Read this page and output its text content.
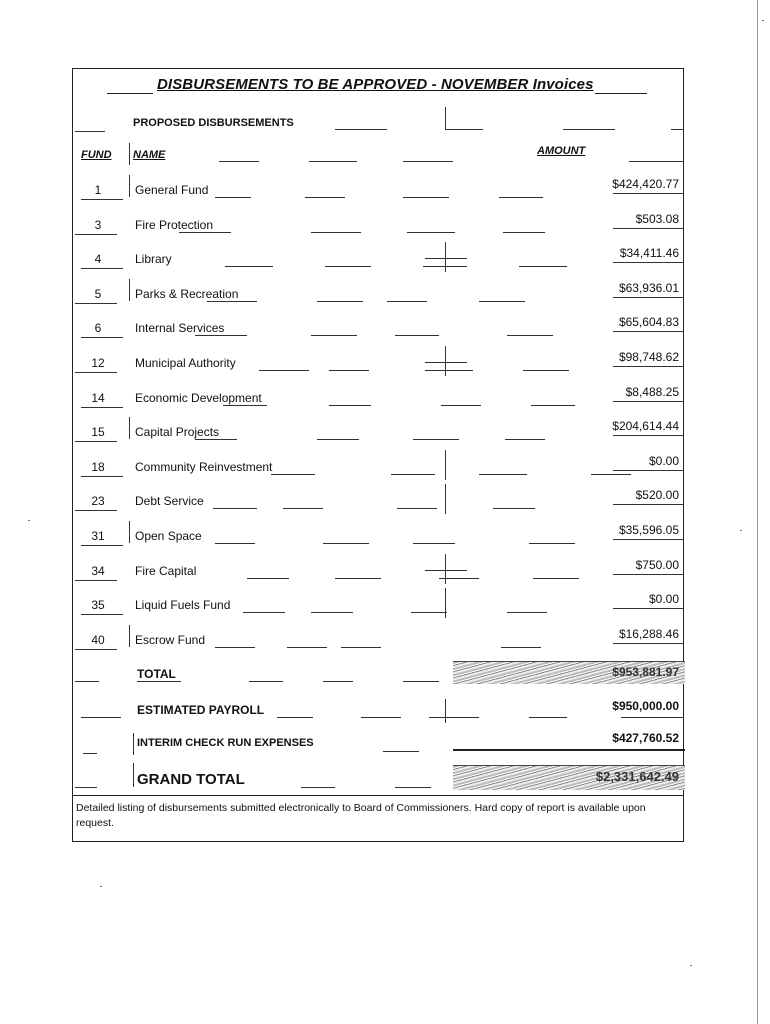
DISBURSEMENTS TO BE APPROVED - NOVEMBER Invoices
PROPOSED DISBURSEMENTS
FUND NAME	AMOUNT
1	General Fund	$424,420.77
3	Fire Protection	$503.08
4	Library	$34,411.46
5	Parks & Recreation	$63,936.01
6	Internal Services	$65,604.83
12	Municipal Authority	$98,748.62
14	Economic Development	$8,488.25
15	Capital Projects	$204,614.44
18	Community Reinvestment	$0.00
23	Debt Service	$520.00
31	Open Space	$35,596.05
34	Fire Capital	$750.00
35	Liquid Fuels Fund	$0.00
40	Escrow Fund	$16,288.46
TOTAL	$953,881.97
ESTIMATED PAYROLL	$950,000.00
INTERIM CHECK RUN EXPENSES	$427,760.52
GRAND TOTAL	$2,331,642.49
Detailed listing of disbursements submitted electronically to Board of Commissioners. Hard copy of report is available upon request.
